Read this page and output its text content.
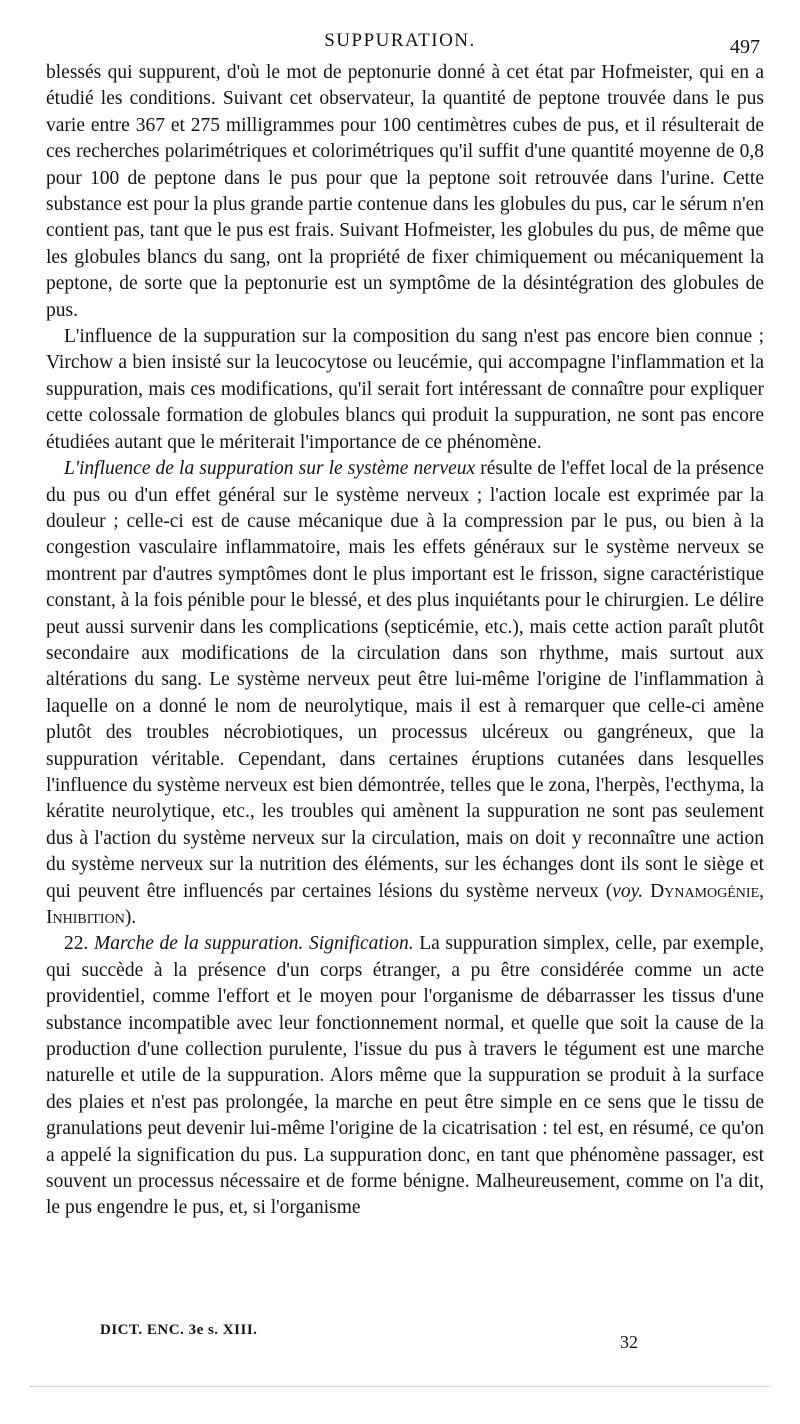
SUPPURATION.	497

blessés qui suppurent, d'où le mot de peptonurie donné à cet état par Hofmeister, qui en a étudié les conditions. Suivant cet observateur, la quantité de peptone trouvée dans le pus varie entre 367 et 275 milligrammes pour 100 centimètres cubes de pus, et il résulterait de ces recherches polarimétriques et colorimétriques qu'il suffit d'une quantité moyenne de 0,8 pour 100 de peptone dans le pus pour que la peptone soit retrouvée dans l'urine. Cette substance est pour la plus grande partie contenue dans les globules du pus, car le sérum n'en contient pas, tant que le pus est frais. Suivant Hofmeister, les globules du pus, de même que les globules blancs du sang, ont la propriété de fixer chimiquement ou mécaniquement la peptone, de sorte que la peptonurie est un symptôme de la désintégration des globules de pus.

L'influence de la suppuration sur la composition du sang n'est pas encore bien connue ; Virchow a bien insisté sur la leucocytose ou leucémie, qui accompagne l'inflammation et la suppuration, mais ces modifications, qu'il serait fort intéressant de connaître pour expliquer cette colossale formation de globules blancs qui produit la suppuration, ne sont pas encore étudiées autant que le mériterait l'importance de ce phénomène.

L'influence de la suppuration sur le système nerveux résulte de l'effet local de la présence du pus ou d'un effet général sur le système nerveux ; l'action locale est exprimée par la douleur ; celle-ci est de cause mécanique due à la compression par le pus, ou bien à la congestion vasculaire inflammatoire, mais les effets généraux sur le système nerveux se montrent par d'autres symptômes dont le plus important est le frisson, signe caractéristique constant, à la fois pénible pour le blessé, et des plus inquiétants pour le chirurgien. Le délire peut aussi survenir dans les complications (septicémie, etc.), mais cette action paraît plutôt secondaire aux modifications de la circulation dans son rhythme, mais surtout aux altérations du sang. Le système nerveux peut être lui-même l'origine de l'inflammation à laquelle on a donné le nom de neurolytique, mais il est à remarquer que celle-ci amène plutôt des troubles nécrobiotiques, un processus ulcéreux ou gangréneux, que la suppuration véritable. Cependant, dans certaines éruptions cutanées dans lesquelles l'influence du système nerveux est bien démontrée, telles que le zona, l'herpès, l'ecthyma, la kératite neurolytique, etc., les troubles qui amènent la suppuration ne sont pas seulement dus à l'action du système nerveux sur la circulation, mais on doit y reconnaître une action du système nerveux sur la nutrition des éléments, sur les échanges dont ils sont le siège et qui peuvent être influencés par certaines lésions du système nerveux (voy. Dynamogénie, Inhibition).

22. Marche de la suppuration. Signification. La suppuration simplex, celle, par exemple, qui succède à la présence d'un corps étranger, a pu être considérée comme un acte providentiel, comme l'effort et le moyen pour l'organisme de débarrasser les tissus d'une substance incompatible avec leur fonctionnement normal, et quelle que soit la cause de la production d'une collection purulente, l'issue du pus à travers le tégument est une marche naturelle et utile de la suppuration. Alors même que la suppuration se produit à la surface des plaies et n'est pas prolongée, la marche en peut être simple en ce sens que le tissu de granulations peut devenir lui-même l'origine de la cicatrisation : tel est, en résumé, ce qu'on a appelé la signification du pus. La suppuration donc, en tant que phénomène passager, est souvent un processus nécessaire et de forme bénigne. Malheureusement, comme on l'a dit, le pus engendre le pus, et, si l'organisme

DICT. ENC. 3e s. XIII.
32
